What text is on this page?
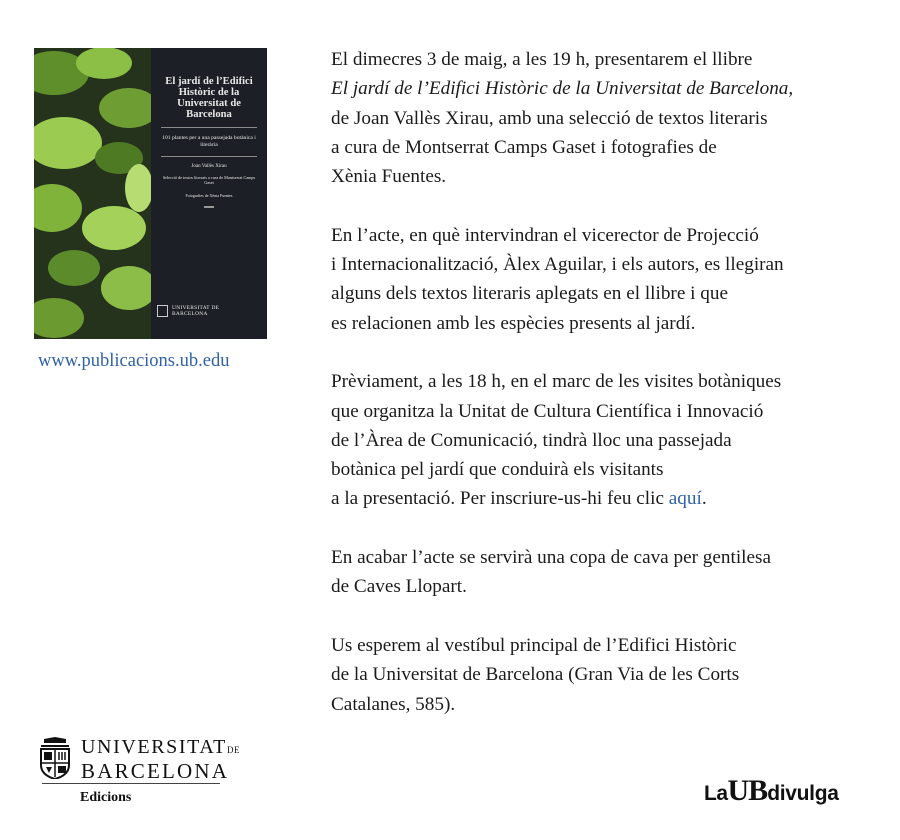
El jardí de l’Edifici Històric de la Universitat de Barcelona
101 plantes per a una passejada botànica i literària
Joan Vallès Xirau
Selecció de textos literaris a cura de Montserrat Camps Gaset
Fotografies de Xènia Fuentes
UNIVERSITAT DE
BARCELONA
www.publicacions.ub.edu

El dimecres 3 de maig, a les 19 h, presentarem el llibre
El jardí de l’Edifici Històric de la Universitat de Barcelona,
de Joan Vallès Xirau, amb una selecció de textos literaris
a cura de Montserrat Camps Gaset i fotografies de
Xènia Fuentes.

En l’acte, en què intervindran el vicerector de Projecció
i Internacionalització, Àlex Aguilar, i els autors, es llegiran
alguns dels textos literaris aplegats en el llibre i que
es relacionen amb les espècies presents al jardí.

Prèviament, a les 18 h, en el marc de les visites botàniques
que organitza la Unitat de Cultura Científica i Innovació
de l’Àrea de Comunicació, tindrà lloc una passejada
botànica pel jardí que conduirà els visitants
a la presentació. Per inscriure-us-hi feu clic aquí.

En acabar l’acte se servirà una copa de cava per gentilesa
de Caves Llopart.

Us esperem al vestíbul principal de l’Edifici Històric
de la Universitat de Barcelona (Gran Via de les Corts
Catalanes, 585).

UNIVERSITATDE
BARCELONA
Edicions	La UB divulga
